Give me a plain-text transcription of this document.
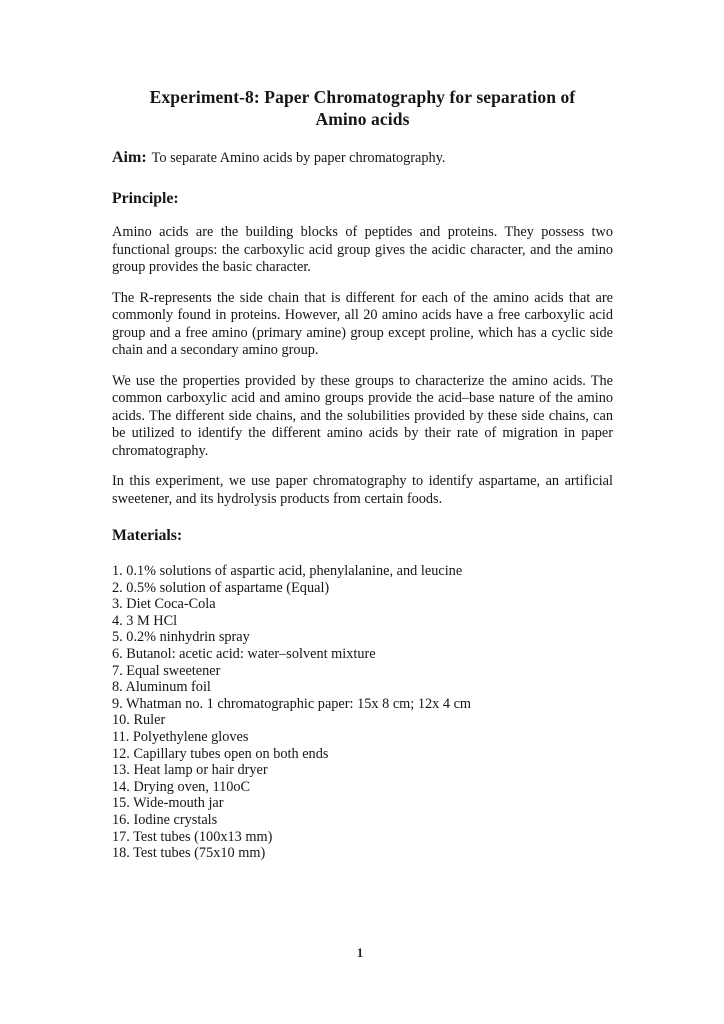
Experiment-8: Paper Chromatography for separation of
Amino acids
Aim: To separate Amino acids by paper chromatography.
Principle:
Amino acids are the building blocks of peptides and proteins. They possess two functional groups: the carboxylic acid group gives the acidic character, and the amino group provides the basic character.
The R-represents the side chain that is different for each of the amino acids that are commonly found in proteins. However, all 20 amino acids have a free carboxylic acid group and a free amino (primary amine) group except proline, which has a cyclic side chain and a secondary amino group.
We use the properties provided by these groups to characterize the amino acids. The common carboxylic acid and amino groups provide the acid–base nature of the amino acids. The different side chains, and the solubilities provided by these side chains, can be utilized to identify the different amino acids by their rate of migration in paper chromatography.
In this experiment, we use paper chromatography to identify aspartame, an artificial sweetener, and its hydrolysis products from certain foods.
Materials:
1. 0.1% solutions of aspartic acid, phenylalanine, and leucine
2. 0.5% solution of aspartame (Equal)
3. Diet Coca-Cola
4. 3 M HCl
5. 0.2% ninhydrin spray
6. Butanol: acetic acid: water–solvent mixture
7. Equal sweetener
8. Aluminum foil
9. Whatman no. 1 chromatographic paper: 15x 8 cm; 12x 4 cm
10. Ruler
11. Polyethylene gloves
12. Capillary tubes open on both ends
13. Heat lamp or hair dryer
14. Drying oven, 110oC
15. Wide-mouth jar
16. Iodine crystals
17. Test tubes (100x13 mm)
18. Test tubes (75x10 mm)
1
